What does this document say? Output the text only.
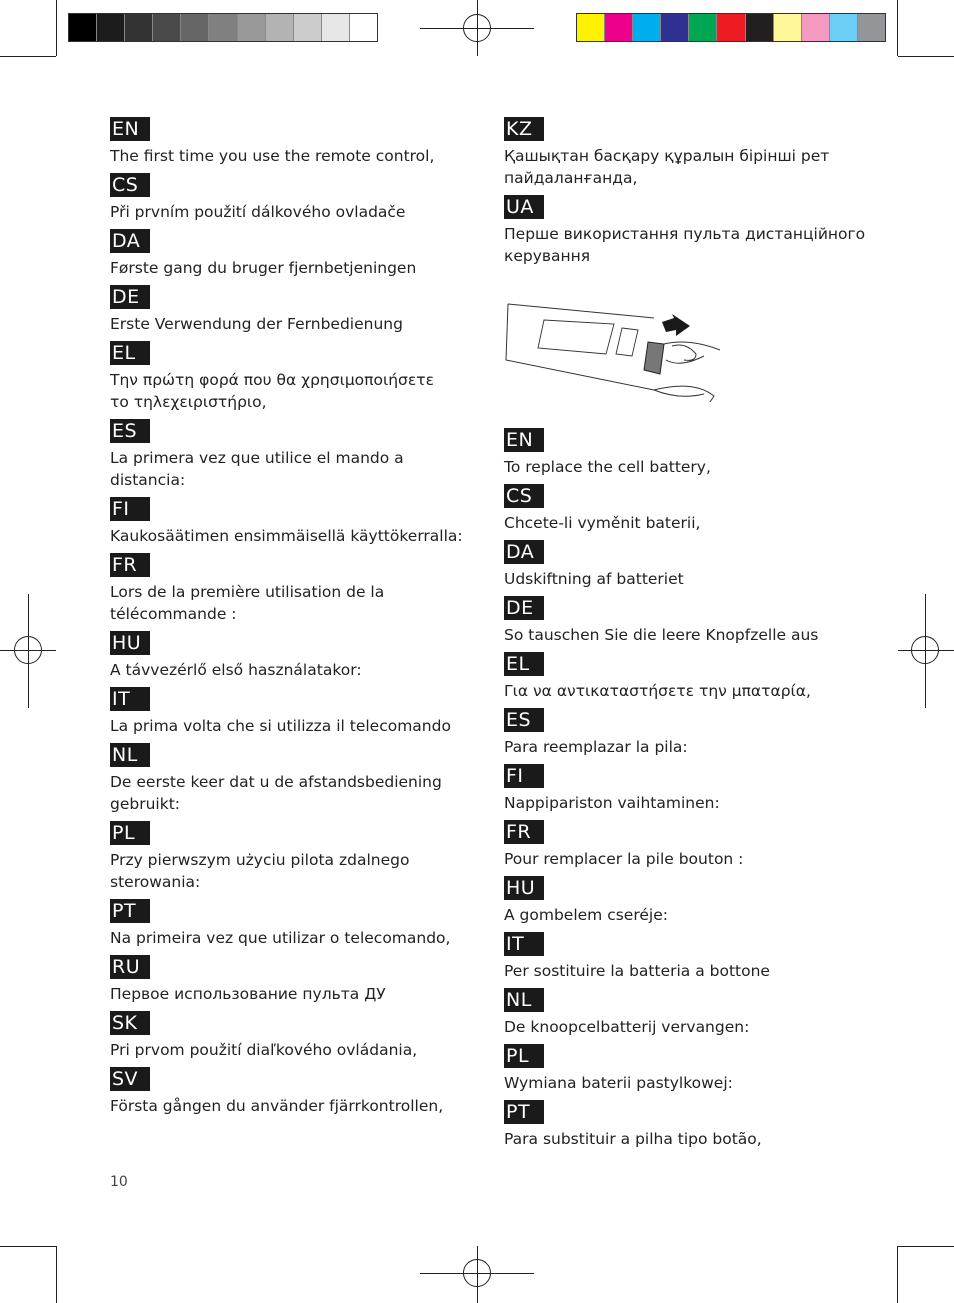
EN
The first time you use the remote control,
CS
Při prvním použití dálkového ovladače
DA
Første gang du bruger fjernbetjeningen
DE
Erste Verwendung der Fernbedienung
EL
Την πρώτη φορά που θα χρησιμοποιήσετε
το τηλεχειριστήριο,
ES
La primera vez que utilice el mando a
distancia:
FI
Kaukosäätimen ensimmäisellä käyttökerralla:
FR
Lors de la première utilisation de la
télécommande :
HU
A távvezérlő első használatakor:
IT
La prima volta che si utilizza il telecomando
NL
De eerste keer dat u de afstandsbediening
gebruikt:
PL
Przy pierwszym użyciu pilota zdalnego
sterowania:
PT
Na primeira vez que utilizar o telecomando,
RU
Первое использование пульта ДУ
SK
Pri prvom použití diaľkového ovládania,
SV
Första gången du använder fjärrkontrollen,
KZ
Қашықтан басқару құралын бірінші рет
пайдаланғанда,
UA
Перше використання пульта дистанційного
керування
EN
To replace the cell battery,
CS
Chcete-li vyměnit baterii,
DA
Udskiftning af batteriet
DE
So tauschen Sie die leere Knopfzelle aus
EL
Για να αντικαταστήσετε την μπαταρία,
ES
Para reemplazar la pila:
FI
Nappipariston vaihtaminen:
FR
Pour remplacer la pile bouton :
HU
A gombelem cseréje:
IT
Per sostituire la batteria a bottone
NL
De knoopcelbatterij vervangen:
PL
Wymiana baterii pastylkowej:
PT
Para substituir a pilha tipo botão,
10
